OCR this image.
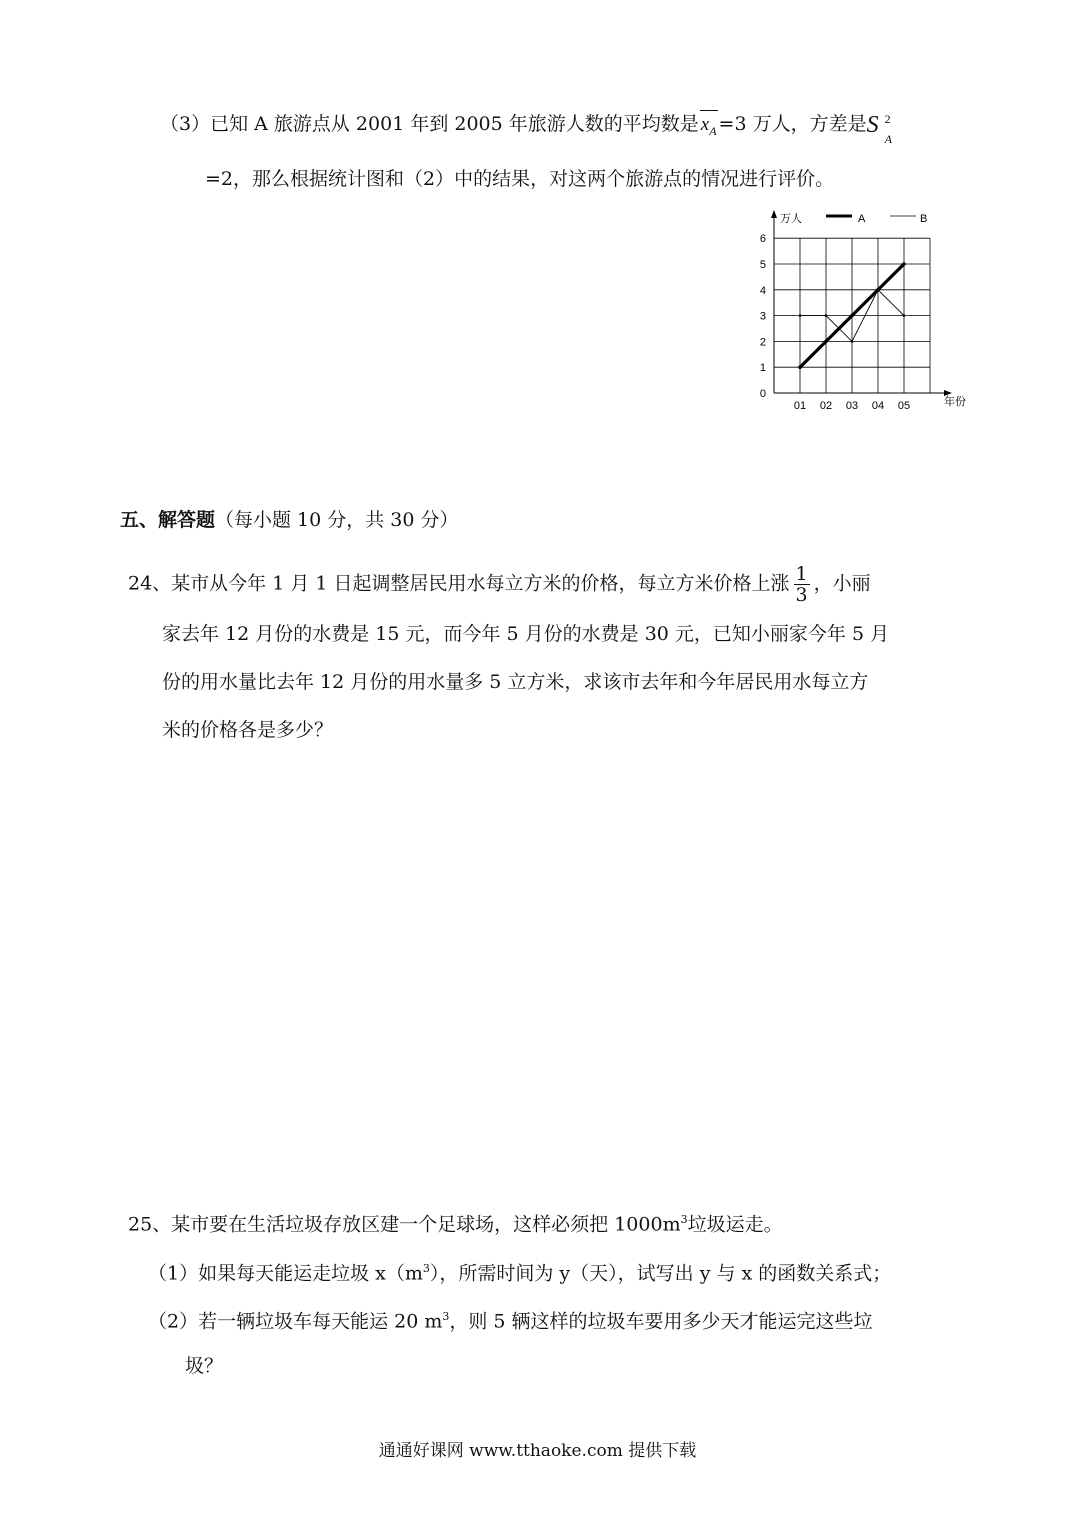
（3）已知 A 旅游点从 2001 年到 2005 年旅游人数的平均数是 $x_A =3$ 万人，方差是 S 2
A
=2，那么根据统计图和（2）中的结果，对这两个旅游点的情况进行评价。
0
1
2
3
4
5
6
01 02 03 04 05
万人
年份
A	B
五、解答题（每小题 10 分，共 30 分）
24、某市从今年 1 月 1 日起调整居民用水每立方米的价格，每立方米价格上涨 $\frac{1}{3}$ ，小丽
家去年 12 月份的水费是 15 元，而今年 5 月份的水费是 30 元，已知小丽家今年 5 月
份的用水量比去年 12 月份的用水量多 5 立方米，求该市去年和今年居民用水每立方
米的价格各是多少？
25、某市要在生活垃圾存放区建一个足球场，这样必须把 $1000m^3$垃圾运走。
（1）如果每天能运走垃圾 $x(m^3)$，所需时间为 y（天），试写出 y 与 x 的函数关系式；
（2）若一辆垃圾车每天能运 20 $m^3$，则 5 辆这样的垃圾车要用多少天才能运完这些垃
圾？
通通好课网 www.tthaoke.com 提供下载
